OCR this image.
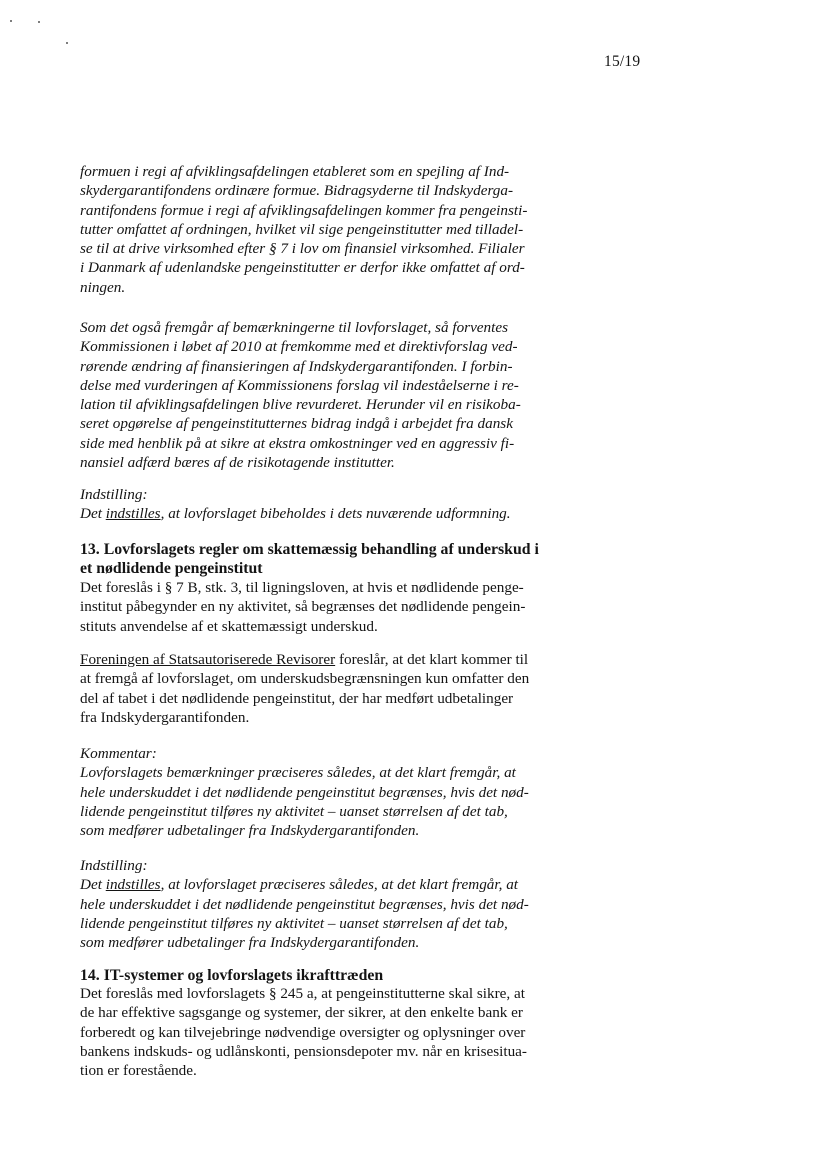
15/19

formuen i regi af afviklingsafdelingen etableret som en spejling af Ind-
skydergarantifondens ordinære formue. Bidragsyderne til Indskyderga-
rantifondens formue i regi af afviklingsafdelingen kommer fra pengeinsti-
tutter omfattet af ordningen, hvilket vil sige pengeinstitutter med tilladel-
se til at drive virksomhed efter § 7 i lov om finansiel virksomhed. Filialer
i Danmark af udenlandske pengeinstitutter er derfor ikke omfattet af ord-
ningen.

Som det også fremgår af bemærkningerne til lovforslaget, så forventes
Kommissionen i løbet af 2010 at fremkomme med et direktivforslag ved-
rørende ændring af finansieringen af Indskydergarantifonden. I forbin-
delse med vurderingen af Kommissionens forslag vil indeståelserne i re-
lation til afviklingsafdelingen blive revurderet. Herunder vil en risikoba-
seret opgørelse af pengeinstitutternes bidrag indgå i arbejdet fra dansk
side med henblik på at sikre at ekstra omkostninger ved en aggressiv fi-
nansiel adfærd bæres af de risikotagende institutter.

Indstilling:

Det indstilles, at lovforslaget bibeholdes i dets nuværende udformning.

13. Lovforslagets regler om skattemæssig behandling af underskud i
et nødlidende pengeinstitut

Det foreslås i § 7 B, stk. 3, til ligningsloven, at hvis et nødlidende penge-
institut påbegynder en ny aktivitet, så begrænses det nødlidende pengein-
stituts anvendelse af et skattemæssigt underskud.

Foreningen af Statsautoriserede Revisorer foreslår, at det klart kommer til
at fremgå af lovforslaget, om underskudsbegrænsningen kun omfatter den
del af tabet i det nødlidende pengeinstitut, der har medført udbetalinger
fra Indskydergarantifonden.

Kommentar:

Lovforslagets bemærkninger præciseres således, at det klart fremgår, at
hele underskuddet i det nødlidende pengeinstitut begrænses, hvis det nød-
lidende pengeinstitut tilføres ny aktivitet – uanset størrelsen af det tab,
som medfører udbetalinger fra Indskydergarantifonden.

Indstilling:

Det indstilles, at lovforslaget præciseres således, at det klart fremgår, at
hele underskuddet i det nødlidende pengeinstitut begrænses, hvis det nød-
lidende pengeinstitut tilføres ny aktivitet – uanset størrelsen af det tab,
som medfører udbetalinger fra Indskydergarantifonden.

14. IT-systemer og lovforslagets ikrafttræden

Det foreslås med lovforslagets § 245 a, at pengeinstitutterne skal sikre, at
de har effektive sagsgange og systemer, der sikrer, at den enkelte bank er
forberedt og kan tilvejebringe nødvendige oversigter og oplysninger over
bankens indskuds- og udlånskonti, pensionsdepoter mv. når en krisesitua-
tion er forestående.
